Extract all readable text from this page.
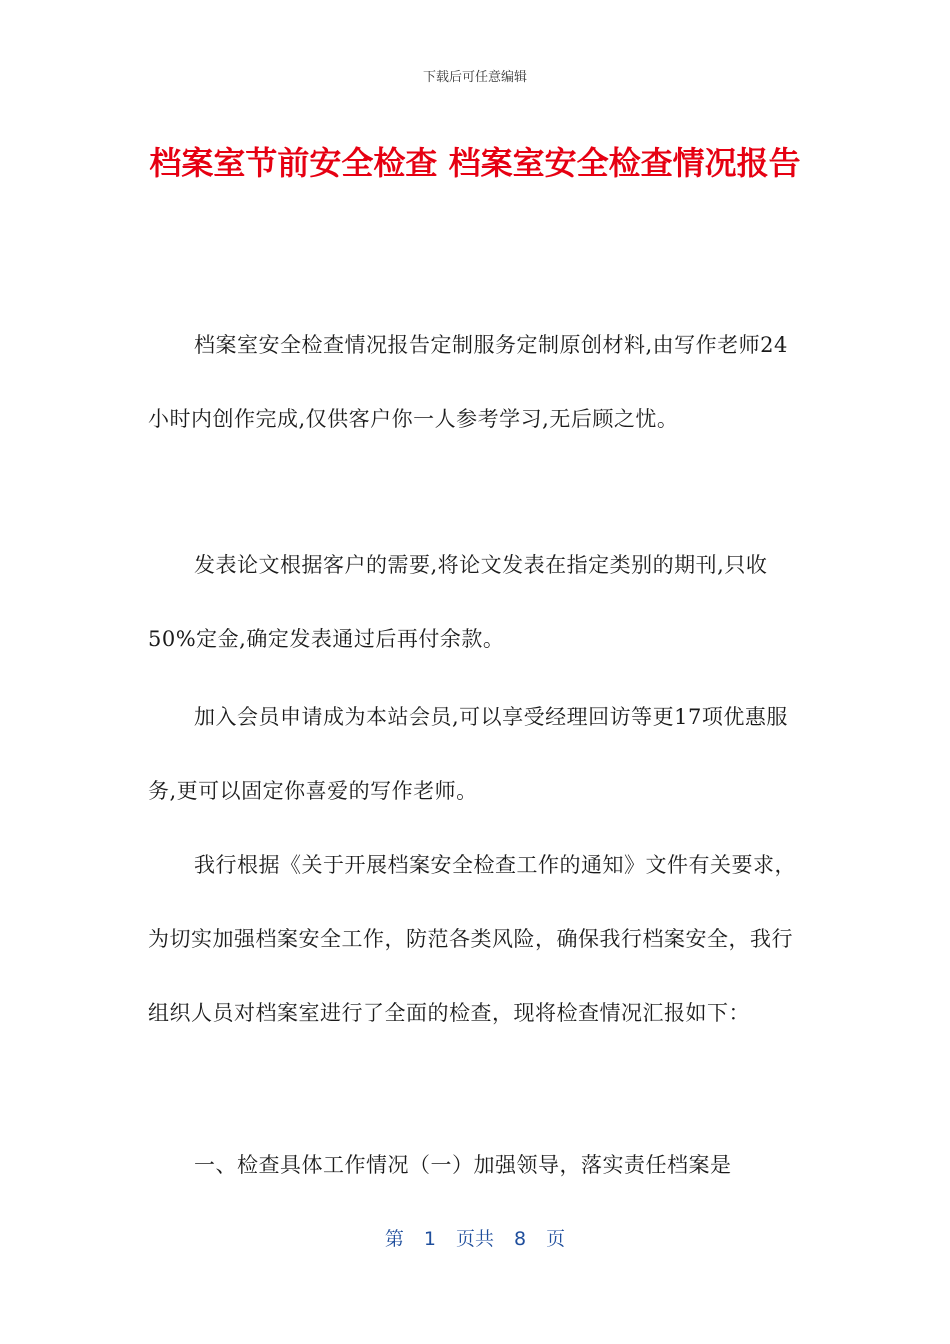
下载后可任意编辑
档案室节前安全检查 档案室安全检查情况报告

档案室安全检查情况报告定制服务定制原创材料,由写作老师24小时内创作完成,仅供客户你一人参考学习,无后顾之忧。

发表论文根据客户的需要,将论文发表在指定类别的期刊,只收50%定金,确定发表通过后再付余款。

加入会员申请成为本站会员,可以享受经理回访等更17项优惠服务,更可以固定你喜爱的写作老师。

我行根据《关于开展档案安全检查工作的通知》文件有关要求，为切实加强档案安全工作，防范各类风险，确保我行档案安全，我行组织人员对档案室进行了全面的检查，现将检查情况汇报如下：

一、检查具体工作情况（一）加强领导，落实责任档案是

第 1 页共 8 页
